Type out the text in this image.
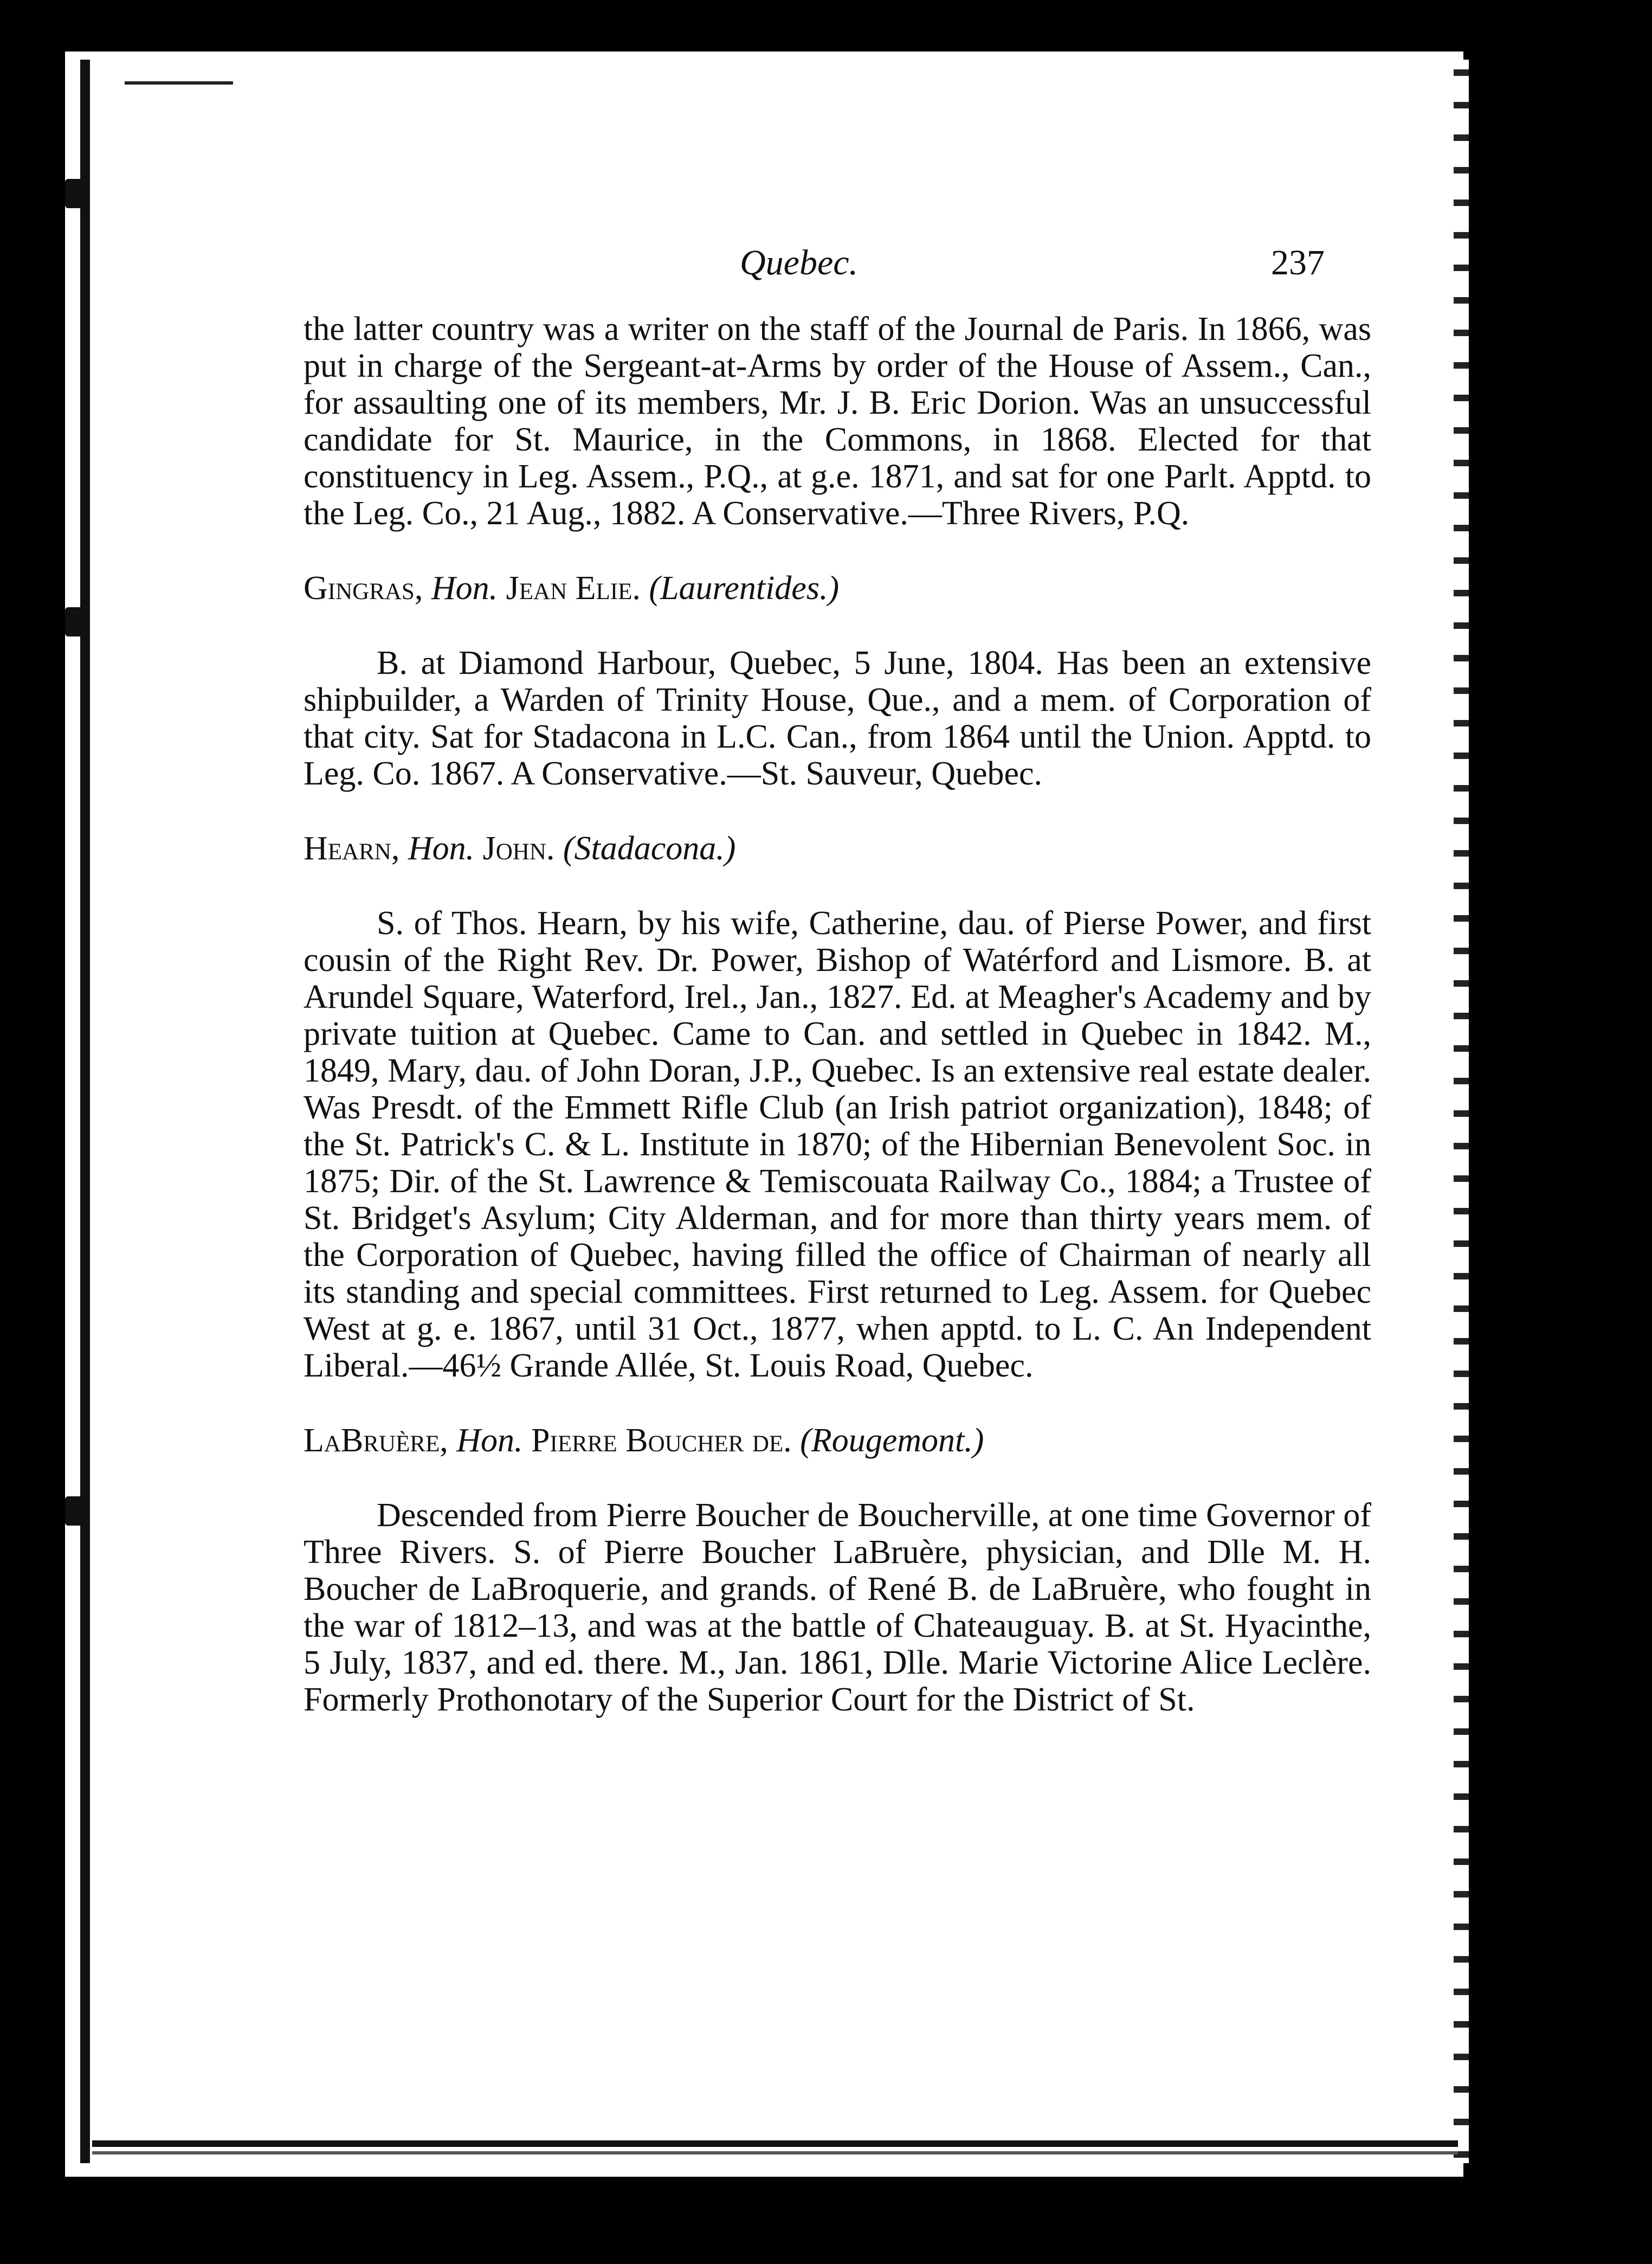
Quebec.	237

the latter country was a writer on the staff of the Journal de Paris. In 1866, was put in charge of the Sergeant-at-Arms by order of the House of Assem., Can., for assaulting one of its members, Mr. J. B. Eric Dorion. Was an unsuccessful candidate for St. Maurice, in the Commons, in 1868. Elected for that constituency in Leg. Assem., P.Q., at g.e. 1871, and sat for one Parlt. Apptd. to the Leg. Co., 21 Aug., 1882. A Conservative.—Three Rivers, P.Q.

Gingras, Hon. Jean Elie. (Laurentides.)

B. at Diamond Harbour, Quebec, 5 June, 1804. Has been an extensive shipbuilder, a Warden of Trinity House, Que., and a mem. of Corporation of that city. Sat for Stadacona in L.C. Can., from 1864 until the Union. Apptd. to Leg. Co. 1867. A Conservative.—St. Sauveur, Quebec.

Hearn, Hon. John. (Stadacona.)

S. of Thos. Hearn, by his wife, Catherine, dau. of Pierse Power, and first cousin of the Right Rev. Dr. Power, Bishop of Watérford and Lismore. B. at Arundel Square, Waterford, Irel., Jan., 1827. Ed. at Meagher's Academy and by private tuition at Quebec. Came to Can. and settled in Quebec in 1842. M., 1849, Mary, dau. of John Doran, J.P., Quebec. Is an extensive real estate dealer. Was Presdt. of the Emmett Rifle Club (an Irish patriot organization), 1848; of the St. Patrick's C. & L. Institute in 1870; of the Hibernian Benevolent Soc. in 1875; Dir. of the St. Lawrence & Temiscouata Railway Co., 1884; a Trustee of St. Bridget's Asylum; City Alderman, and for more than thirty years mem. of the Corporation of Quebec, having filled the office of Chairman of nearly all its standing and special committees. First returned to Leg. Assem. for Quebec West at g. e. 1867, until 31 Oct., 1877, when apptd. to L. C. An Independent Liberal.—46½ Grande Allée, St. Louis Road, Quebec.

LaBruère, Hon. Pierre Boucher de. (Rougemont.)

Descended from Pierre Boucher de Boucherville, at one time Governor of Three Rivers. S. of Pierre Boucher LaBruère, physician, and Dlle M. H. Boucher de LaBroquerie, and grands. of René B. de LaBruère, who fought in the war of 1812–13, and was at the battle of Chateauguay. B. at St. Hyacinthe, 5 July, 1837, and ed. there. M., Jan. 1861, Dlle. Marie Victorine Alice Leclère. Formerly Prothonotary of the Superior Court for the District of St.
